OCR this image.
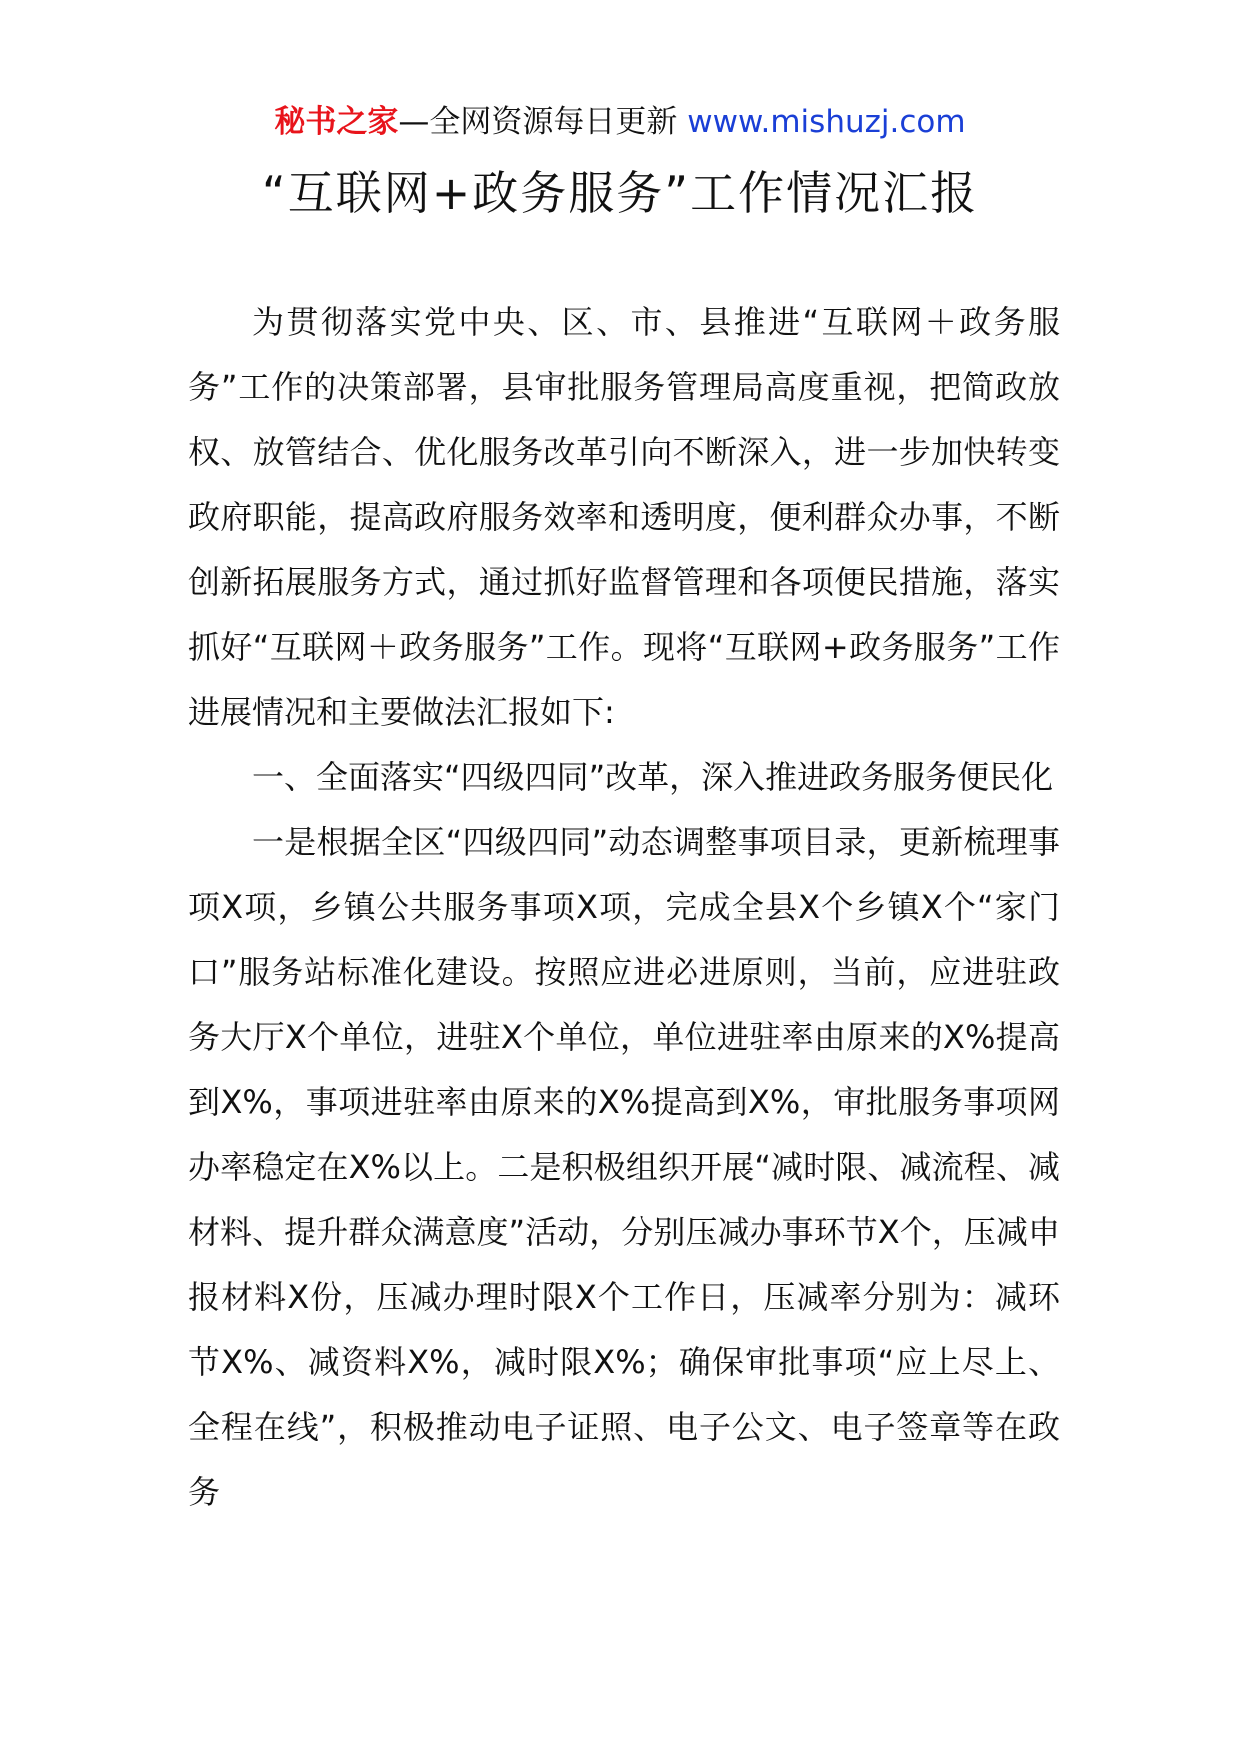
秘书之家—全网资源每日更新 www.mishuzj.com
“互联网+政务服务”工作情况汇报

为贯彻落实党中央、区、市、县推进“互联网＋政务服务”工作的决策部署，县审批服务管理局高度重视，把简政放权、放管结合、优化服务改革引向不断深入，进一步加快转变政府职能，提高政府服务效率和透明度，便利群众办事，不断创新拓展服务方式，通过抓好监督管理和各项便民措施，落实抓好“互联网＋政务服务”工作。现将“互联网+政务服务”工作进展情况和主要做法汇报如下:

一、全面落实“四级四同”改革，深入推进政务服务便民化

一是根据全区“四级四同”动态调整事项目录，更新梳理事项X项，乡镇公共服务事项X项，完成全县X个乡镇X个“家门口”服务站标准化建设。按照应进必进原则，当前，应进驻政务大厅X个单位，进驻X个单位，单位进驻率由原来的X%提高到X%，事项进驻率由原来的X%提高到X%，审批服务事项网办率稳定在X%以上。二是积极组织开展“减时限、减流程、减材料、提升群众满意度”活动，分别压减办事环节X个，压减申报材料X份，压减办理时限X个工作日，压减率分别为：减环节X%、减资料X%，减时限X%；确保审批事项“应上尽上、全程在线”，积极推动电子证照、电子公文、电子签章等在政务
